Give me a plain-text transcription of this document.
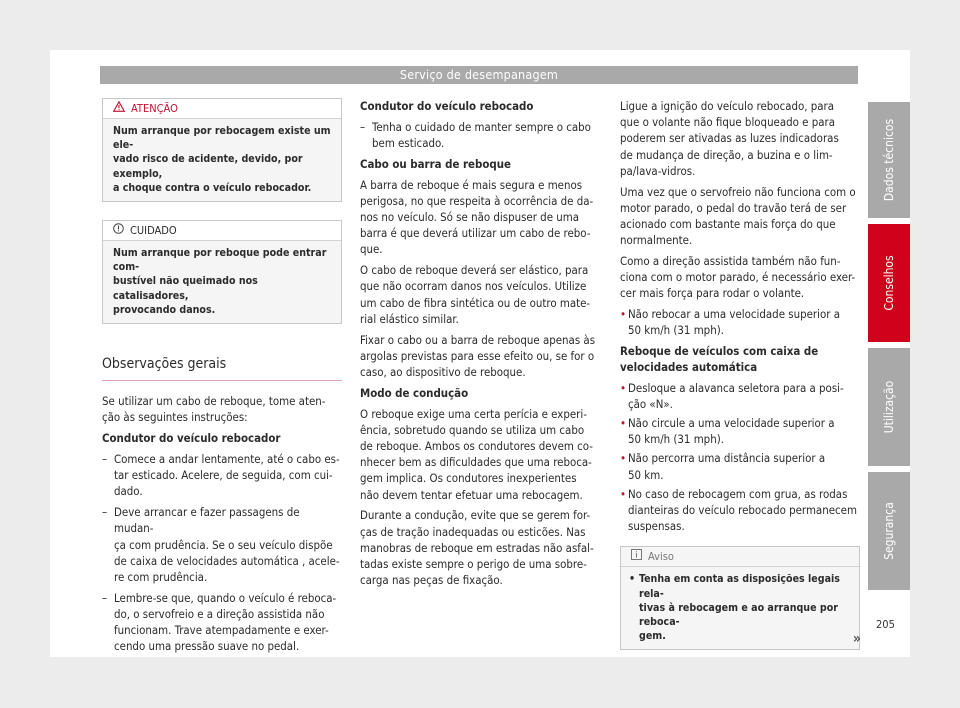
Serviço de desempanagem
ATENÇÃO
Num arranque por rebocagem existe um ele-
vado risco de acidente, devido, por exemplo,
a choque contra o veículo rebocador.
CUIDADO
Num arranque por reboque pode entrar com-
bustível não queimado nos catalisadores,
provocando danos.
Observações gerais

Se utilizar um cabo de reboque, tome aten-
ção às seguintes instruções:

Condutor do veículo rebocador

– Comece a andar lentamente, até o cabo es-
tar esticado. Acelere, de seguida, com cui-
dado.
– Deve arrancar e fazer passagens de mudan-
ça com prudência. Se o seu veículo dispõe
de caixa de velocidades automática , acele-
re com prudência.
– Lembre-se que, quando o veículo é reboca-
do, o servofreio e a direção assistida não
funcionam. Trave atempadamente e exer-
cendo uma pressão suave no pedal.

Condutor do veículo rebocado

– Tenha o cuidado de manter sempre o cabo
bem esticado.

Cabo ou barra de reboque

A barra de reboque é mais segura e menos
perigosa, no que respeita à ocorrência de da-
nos no veículo. Só se não dispuser de uma
barra é que deverá utilizar um cabo de rebo-
que.

O cabo de reboque deverá ser elástico, para
que não ocorram danos nos veículos. Utilize
um cabo de fibra sintética ou de outro mate-
rial elástico similar.

Fixar o cabo ou a barra de reboque apenas às
argolas previstas para esse efeito ou, se for o
caso, ao dispositivo de reboque.

Modo de condução

O reboque exige uma certa perícia e experi-
ência, sobretudo quando se utiliza um cabo
de reboque. Ambos os condutores devem co-
nhecer bem as dificuldades que uma reboca-
gem implica. Os condutores inexperientes
não devem tentar efetuar uma rebocagem.

Durante a condução, evite que se gerem for-
ças de tração inadequadas ou esticões. Nas
manobras de reboque em estradas não asfal-
tadas existe sempre o perigo de uma sobre-
carga nas peças de fixação.

Ligue a ignição do veículo rebocado, para
que o volante não fique bloqueado e para
poderem ser ativadas as luzes indicadoras
de mudança de direção, a buzina e o lim-
pa/lava-vidros.

Uma vez que o servofreio não funciona com o
motor parado, o pedal do travão terá de ser
acionado com bastante mais força do que
normalmente.

Como a direção assistida também não fun-
ciona com o motor parado, é necessário exer-
cer mais força para rodar o volante.

• Não rebocar a uma velocidade superior a
50 km/h (31 mph).

Reboque de veículos com caixa de
velocidades automática

• Desloque a alavanca seletora para a posi-
ção «N».
• Não circule a uma velocidade superior a
50 km/h (31 mph).
• Não percorra uma distância superior a
50 km.
• No caso de rebocagem com grua, as rodas
dianteiras do veículo rebocado permanecem
suspensas.
Aviso
• Tenha em conta as disposições legais rela-
tivas à rebocagem e ao arranque por reboca-
gem.	»
Dados técnicos
Conselhos
Utilização
Segurança
205
